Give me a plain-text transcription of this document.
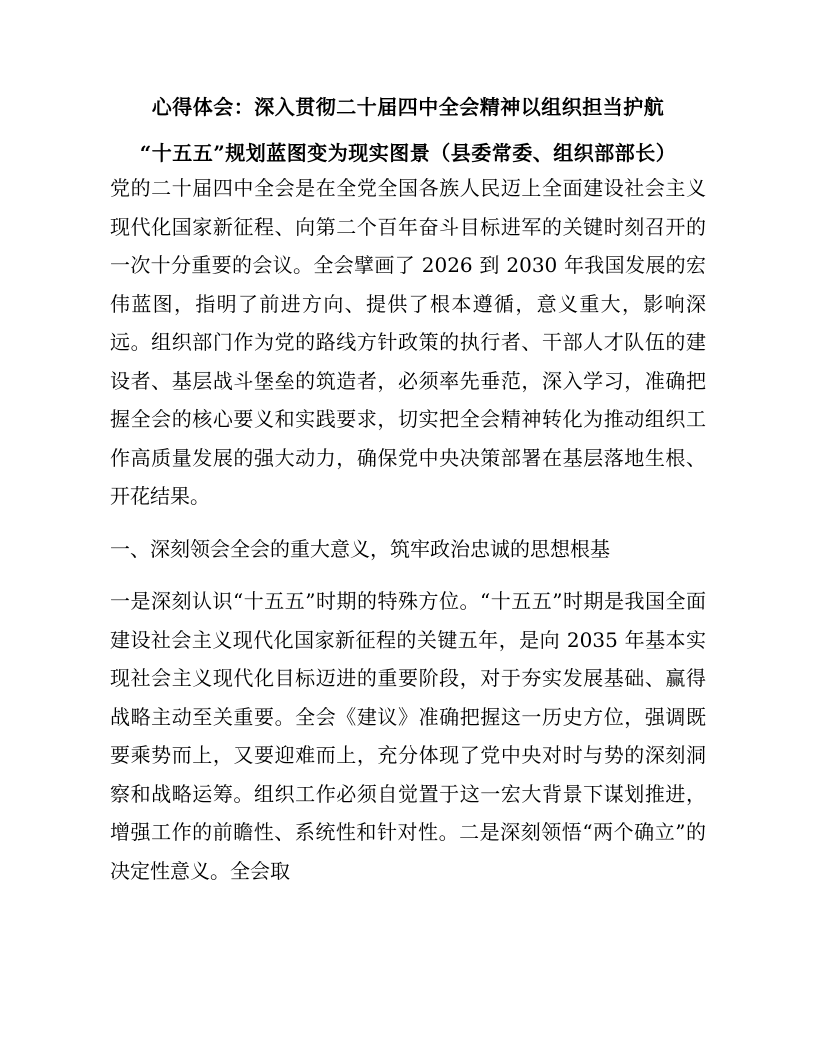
心得体会：深入贯彻二十届四中全会精神以组织担当护航
“十五五”规划蓝图变为现实图景（县委常委、组织部部长）

党的二十届四中全会是在全党全国各族人民迈上全面建设社会主义现代化国家新征程、向第二个百年奋斗目标进军的关键时刻召开的一次十分重要的会议。全会擘画了 2026 到 2030 年我国发展的宏伟蓝图，指明了前进方向、提供了根本遵循，意义重大，影响深远。组织部门作为党的路线方针政策的执行者、干部人才队伍的建设者、基层战斗堡垒的筑造者，必须率先垂范，深入学习，准确把握全会的核心要义和实践要求，切实把全会精神转化为推动组织工作高质量发展的强大动力，确保党中央决策部署在基层落地生根、开花结果。

一、深刻领会全会的重大意义，筑牢政治忠诚的思想根基

一是深刻认识“十五五”时期的特殊方位。“十五五”时期是我国全面建设社会主义现代化国家新征程的关键五年，是向 2035 年基本实现社会主义现代化目标迈进的重要阶段，对于夯实发展基础、赢得战略主动至关重要。全会《建议》准确把握这一历史方位，强调既要乘势而上，又要迎难而上，充分体现了党中央对时与势的深刻洞察和战略运筹。组织工作必须自觉置于这一宏大背景下谋划推进，增强工作的前瞻性、系统性和针对性。二是深刻领悟“两个确立”的决定性意义。全会取
